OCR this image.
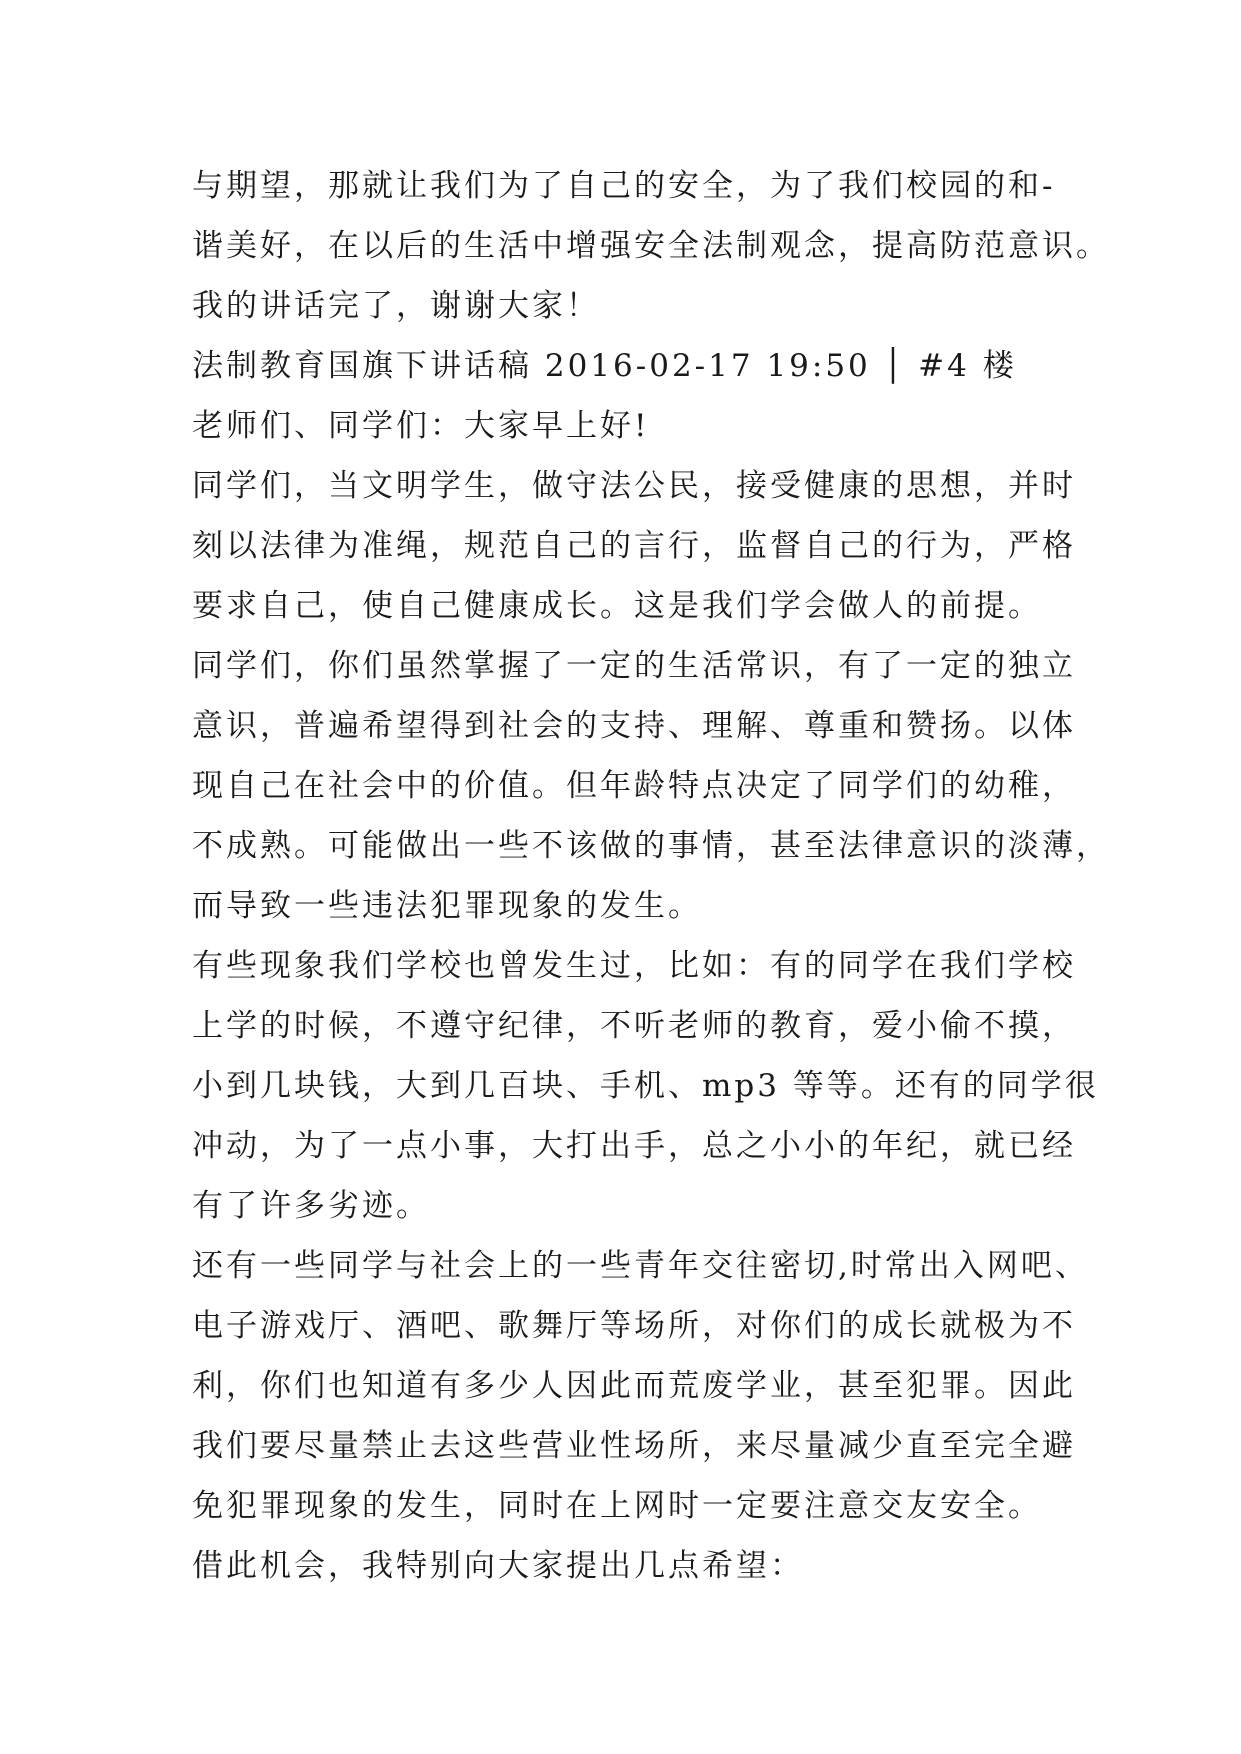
与期望，那就让我们为了自己的安全，为了我们校园的和-
谐美好，在以后的生活中增强安全法制观念，提高防范意识。
我的讲话完了，谢谢大家！
法制教育国旗下讲话稿 2016-02-17 19:50 │ #4 楼
老师们、同学们：大家早上好!
同学们，当文明学生，做守法公民，接受健康的思想，并时
刻以法律为准绳，规范自己的言行，监督自己的行为，严格
要求自己，使自己健康成长。这是我们学会做人的前提。
同学们，你们虽然掌握了一定的生活常识，有了一定的独立
意识，普遍希望得到社会的支持、理解、尊重和赞扬。以体
现自己在社会中的价值。但年龄特点决定了同学们的幼稚，
不成熟。可能做出一些不该做的事情，甚至法律意识的淡薄，
而导致一些违法犯罪现象的发生。
有些现象我们学校也曾发生过，比如：有的同学在我们学校
上学的时候，不遵守纪律，不听老师的教育，爱小偷不摸，
小到几块钱，大到几百块、手机、mp3 等等。还有的同学很
冲动，为了一点小事，大打出手，总之小小的年纪，就已经
有了许多劣迹。
还有一些同学与社会上的一些青年交往密切,时常出入网吧、
电子游戏厅、酒吧、歌舞厅等场所，对你们的成长就极为不
利，你们也知道有多少人因此而荒废学业，甚至犯罪。因此
我们要尽量禁止去这些营业性场所，来尽量减少直至完全避
免犯罪现象的发生，同时在上网时一定要注意交友安全。
借此机会，我特别向大家提出几点希望：
